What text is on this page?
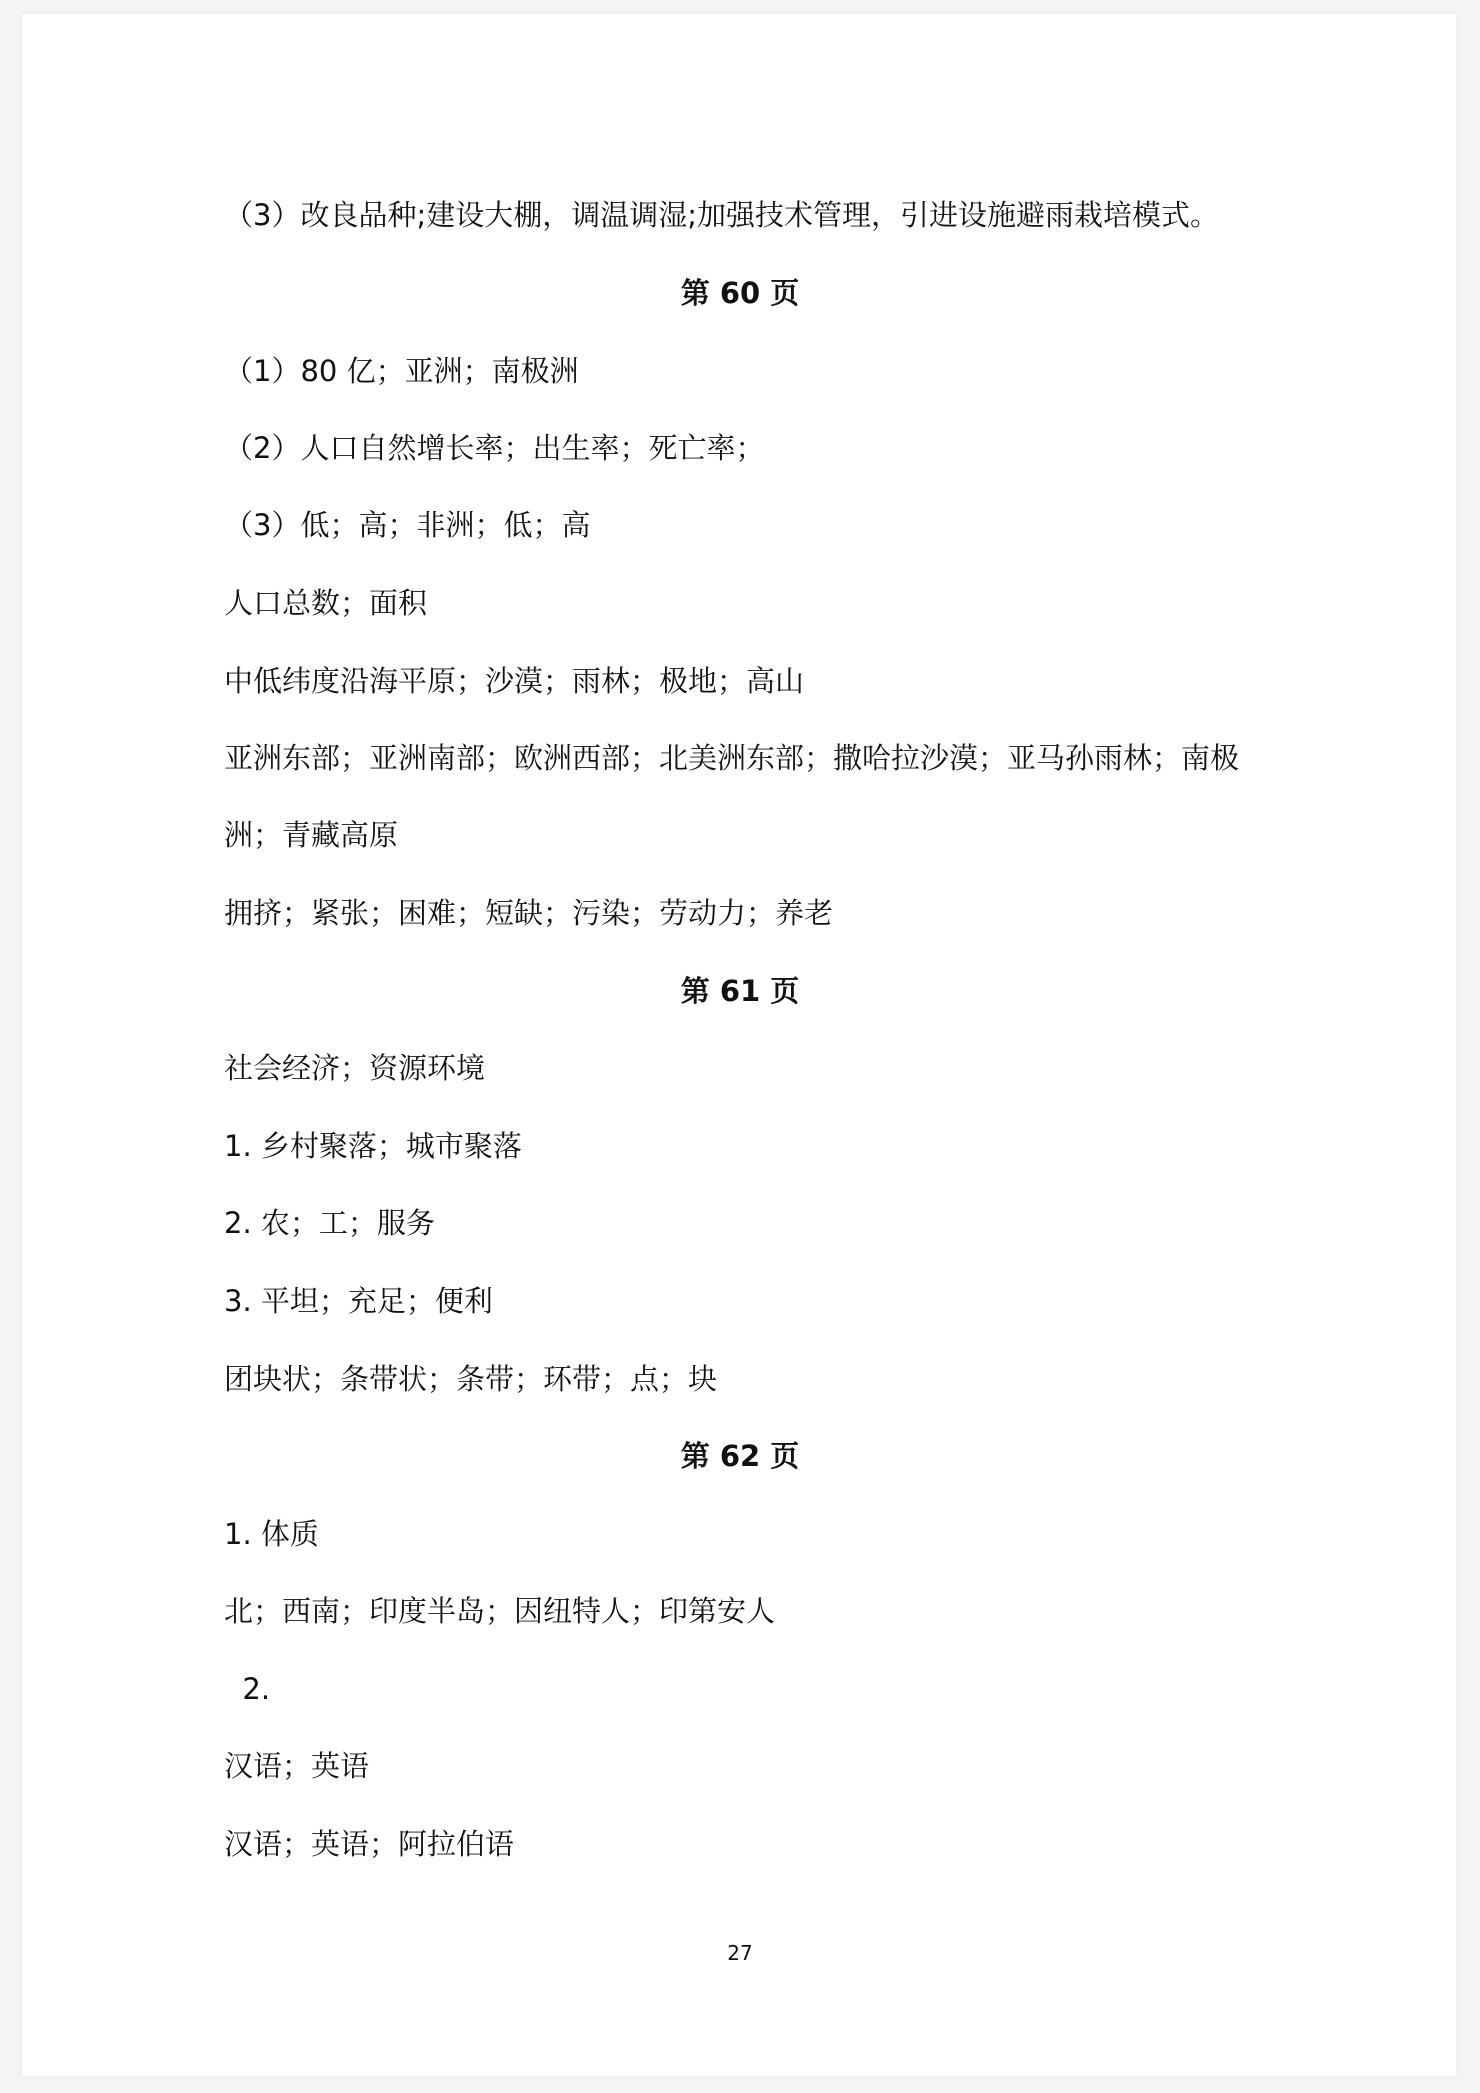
（3）改良品种;建设大棚，调温调湿;加强技术管理，引进设施避雨栽培模式。
第 60 页
（1）80 亿；亚洲；南极洲
（2）人口自然增长率；出生率；死亡率；
（3）低；高；非洲；低；高
人口总数；面积
中低纬度沿海平原；沙漠；雨林；极地；高山
亚洲东部；亚洲南部；欧洲西部；北美洲东部；撒哈拉沙漠；亚马孙雨林；南极
洲；青藏高原
拥挤；紧张；困难；短缺；污染；劳动力；养老
第 61 页
社会经济；资源环境
1. 乡村聚落；城市聚落
2. 农；工；服务
3. 平坦；充足；便利
团块状；条带状；条带；环带；点；块
第 62 页
1. 体质
北；西南；印度半岛；因纽特人；印第安人
2.
汉语；英语
汉语；英语；阿拉伯语
27
